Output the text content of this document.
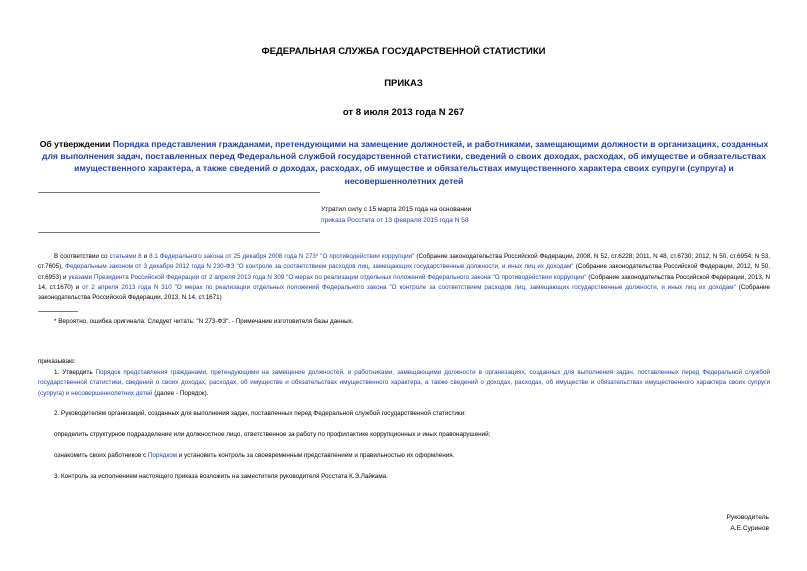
ФЕДЕРАЛЬНАЯ СЛУЖБА ГОСУДАРСТВЕННОЙ СТАТИСТИКИ
ПРИКАЗ
от 8 июля 2013 года N 267
Об утверждении Порядка представления гражданами, претендующими на замещение должностей, и работниками, замещающими должности в организациях, созданных для выполнения задач, поставленных перед Федеральной службой государственной статистики, сведений о своих доходах, расходах, об имуществе и обязательствах имущественного характера, а также сведений о доходах, расходах, об имуществе и обязательствах имущественного характера своих супруги (супруга) и несовершеннолетних детей
Утратил силу с 15 марта 2015 года на основании
приказа Росстата от 13 февраля 2015 года N 58
В соответствии со статьями 8 и 8.1 Федерального закона от 25 декабря 2008 года N 273* "О противодействии коррупции" (Собрание законодательства Российской Федерации, 2008, N 52, ст.6228; 2011, N 48, ст.6730; 2012, N 50, ст.6954; N 53, ст.7605), Федеральным законом от 3 декабря 2012 года N 230-ФЗ "О контроле за соответствием расходов лиц, замещающих государственные должности, и иных лиц их доходам" (Собрание законодательства Российской Федерации, 2012, N 50, ст.6953) и указами Президента Российской Федерации от 2 апреля 2013 года N 309 "О мерах по реализации отдельных положений Федерального закона "О противодействии коррупции" (Собрание законодательства Российской Федерации, 2013, N 14, ст.1670) и от 2 апреля 2013 года N 310 "О мерах по реализации отдельных положений Федерального закона "О контроле за соответствием расходов лиц, замещающих государственные должности, и иных лиц их доходам" (Собрание законодательства Российской Федерации, 2013, N 14, ст.1671)
* Вероятно, ошибка оригинала. Следует читать: "N 273-ФЗ". - Примечание изготовителя базы данных.
приказываю:
1. Утвердить Порядок представления гражданами, претендующими на замещение должностей, и работниками, замещающими должности в организациях, созданных для выполнения задач, поставленных перед Федеральной службой государственной статистики, сведений о своих доходах, расходах, об имуществе и обязательствах имущественного характера, а также сведений о доходах, расходах, об имуществе и обязательствах имущественного характера своих супруги (супруга) и несовершеннолетних детей (далее - Порядок).
2. Руководителям организаций, созданных для выполнения задач, поставленных перед Федеральной службой государственной статистики:
определить структурное подразделение или должностное лицо, ответственное за работу по профилактике коррупционных и иных правонарушений;
ознакомить своих работников с Порядком и установить контроль за своевременным представлением и правильностью их оформления.
3. Контроль за исполнением настоящего приказа возложить на заместителя руководителя Росстата К.Э.Лайкама.
Руководитель
А.Е.Суринов
